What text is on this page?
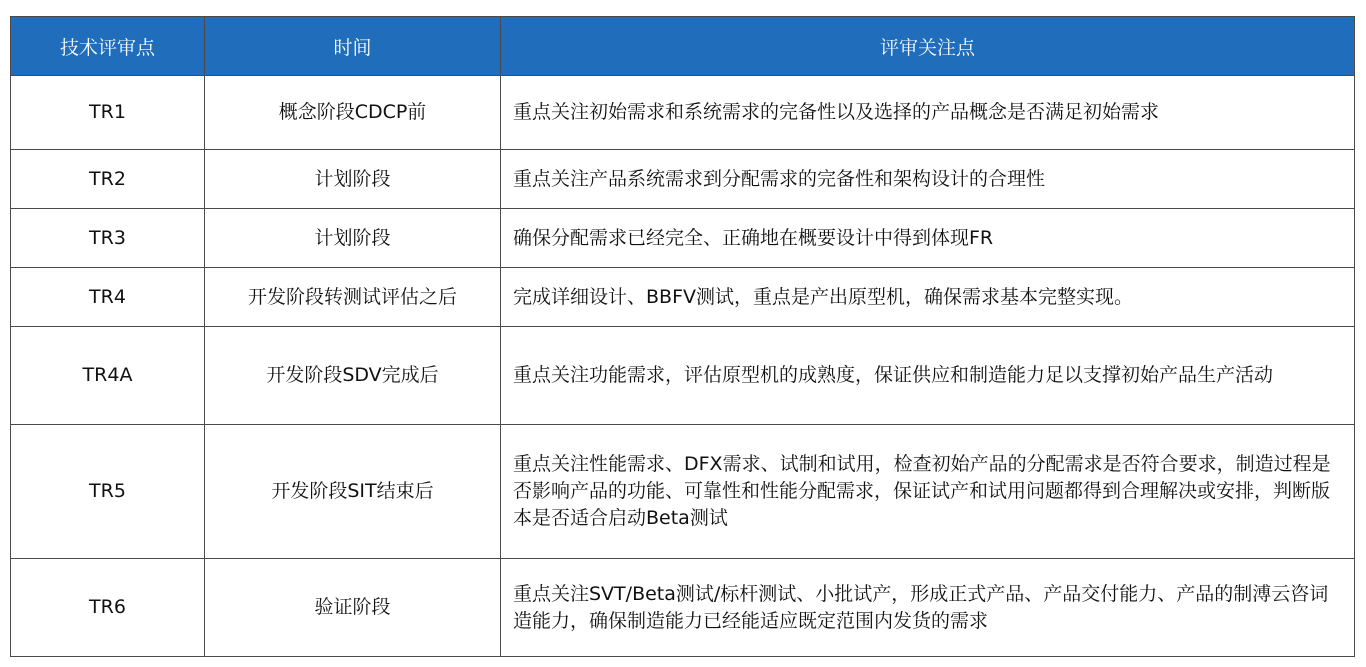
技术评审点	时间	评审关注点
TR1	概念阶段CDCP前	重点关注初始需求和系统需求的完备性以及选择的产品概念是否满足初始需求
TR2	计划阶段	重点关注产品系统需求到分配需求的完备性和架构设计的合理性
TR3	计划阶段	确保分配需求已经完全、正确地在概要设计中得到体现FR
TR4	开发阶段转测试评估之后	完成详细设计、BBFV测试，重点是产出原型机，确保需求基本完整实现。
TR4A	开发阶段SDV完成后	重点关注功能需求，评估原型机的成熟度，保证供应和制造能力足以支撑初始产品生产活动
TR5	开发阶段SIT结束后	重点关注性能需求、DFX需求、试制和试用，检查初始产品的分配需求是否符合要求，制造过程是否影响产品的功能、可靠性和性能分配需求，保证试产和试用问题都得到合理解决或安排，判断版本是否适合启动Beta测试
TR6	验证阶段	重点关注SVT/Beta测试/标杆测试、小批试产，形成正式产品、产品交付能力、产品的制溥云咨词造能力，确保制造能力已经能适应既定范围内发货的需求
